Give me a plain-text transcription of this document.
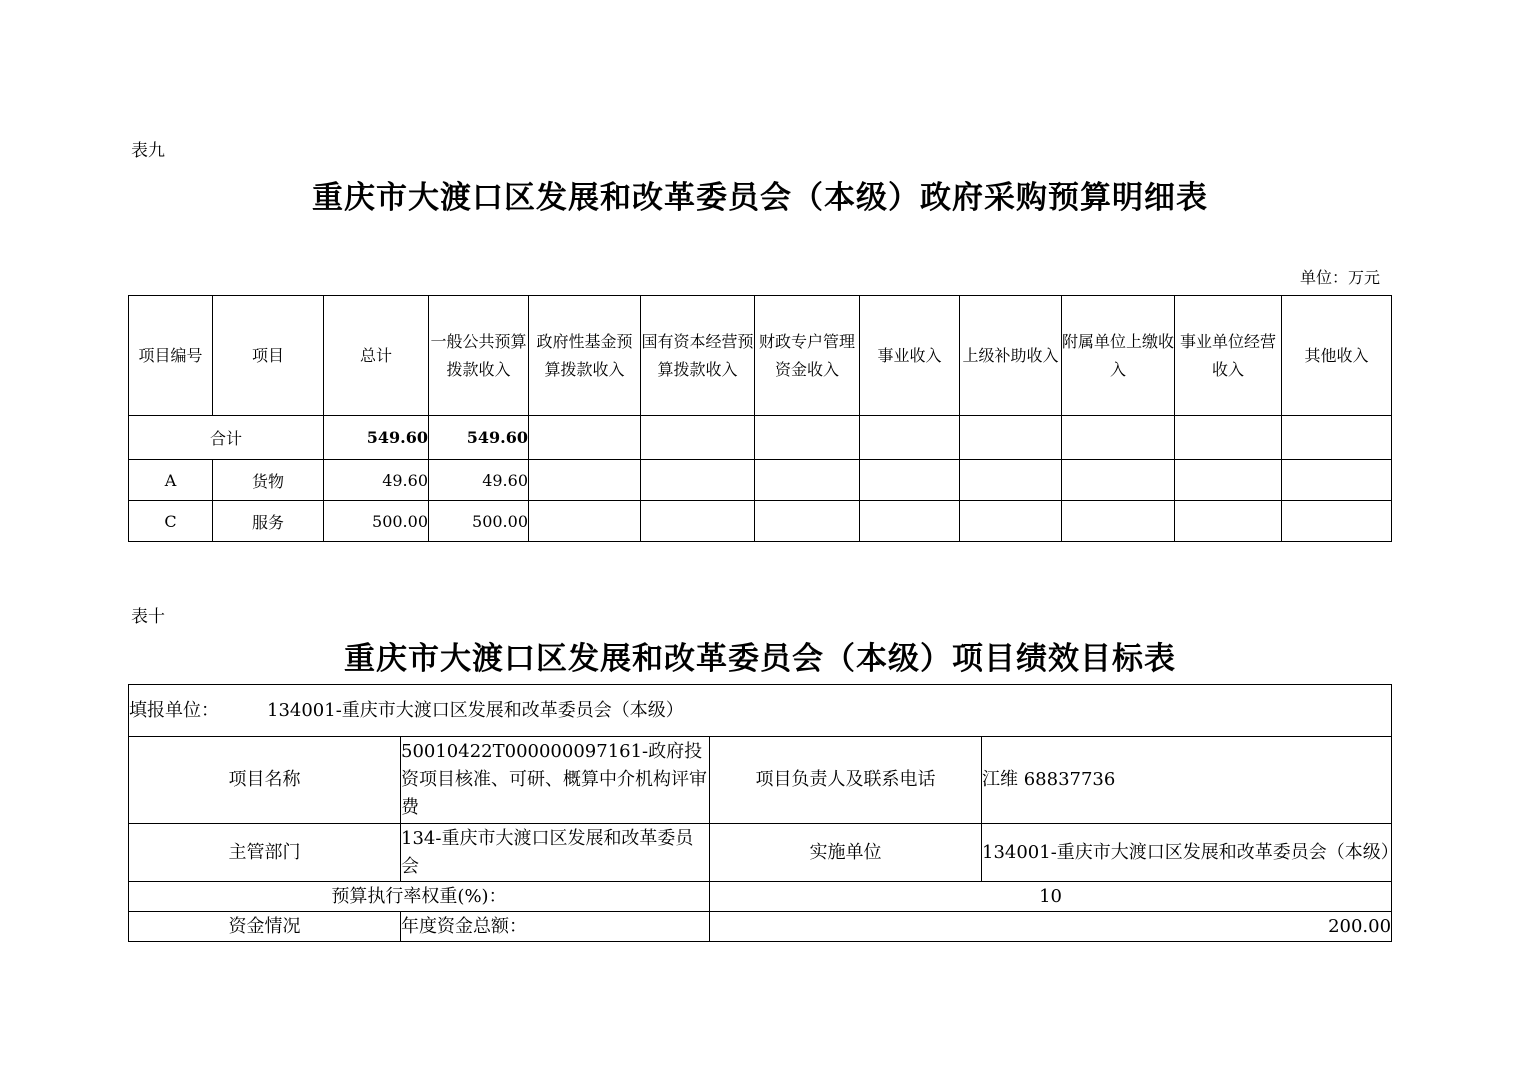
表九
重庆市大渡口区发展和改革委员会（本级）政府采购预算明细表
单位：万元
项目编号	项目	总计	一般公共预算拨款收入	政府性基金预算拨款收入	国有资本经营预算拨款收入	财政专户管理资金收入	事业收入	上级补助收入	附属单位上缴收入	事业单位经营收入	其他收入
合计		549.60	549.60								
A	货物	49.60	49.60								
C	服务	500.00	500.00								
表十
重庆市大渡口区发展和改革委员会（本级）项目绩效目标表
填报单位： 134001-重庆市大渡口区发展和改革委员会（本级）			
项目名称	50010422T000000097161-政府投资项目核准、可研、概算中介机构评审费	项目负责人及联系电话	江维 68837736
主管部门	134-重庆市大渡口区发展和改革委员会	实施单位	134001-重庆市大渡口区发展和改革委员会（本级）
预算执行率权重(%)：		10	
资金情况	年度资金总额：	200.00	
